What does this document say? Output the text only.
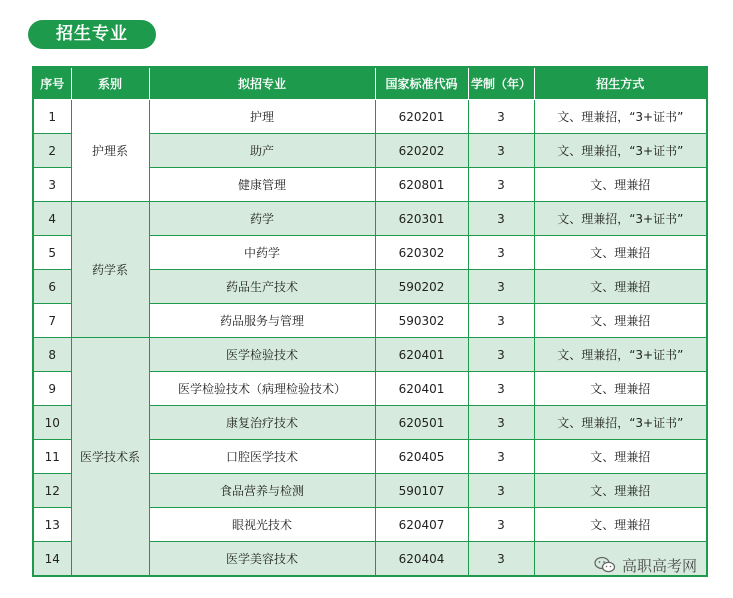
招生专业
序号	系别	拟招专业	国家标准代码	学制（年）	招生方式
1	护理系	护理	620201	3	文、理兼招，“3+证书”
2		助产	620202	3	文、理兼招，“3+证书”
3		健康管理	620801	3	文、理兼招
4	药学系	药学	620301	3	文、理兼招，“3+证书”
5		中药学	620302	3	文、理兼招
6		药品生产技术	590202	3	文、理兼招
7		药品服务与管理	590302	3	文、理兼招
8	医学技术系	医学检验技术	620401	3	文、理兼招，“3+证书”
9		医学检验技术（病理检验技术）	620401	3	文、理兼招
10		康复治疗技术	620501	3	文、理兼招，“3+证书”
11		口腔医学技术	620405	3	文、理兼招
12		食品营养与检测	590107	3	文、理兼招
13		眼视光技术	620407	3	文、理兼招
14		医学美容技术	620404	3		高职高考网
